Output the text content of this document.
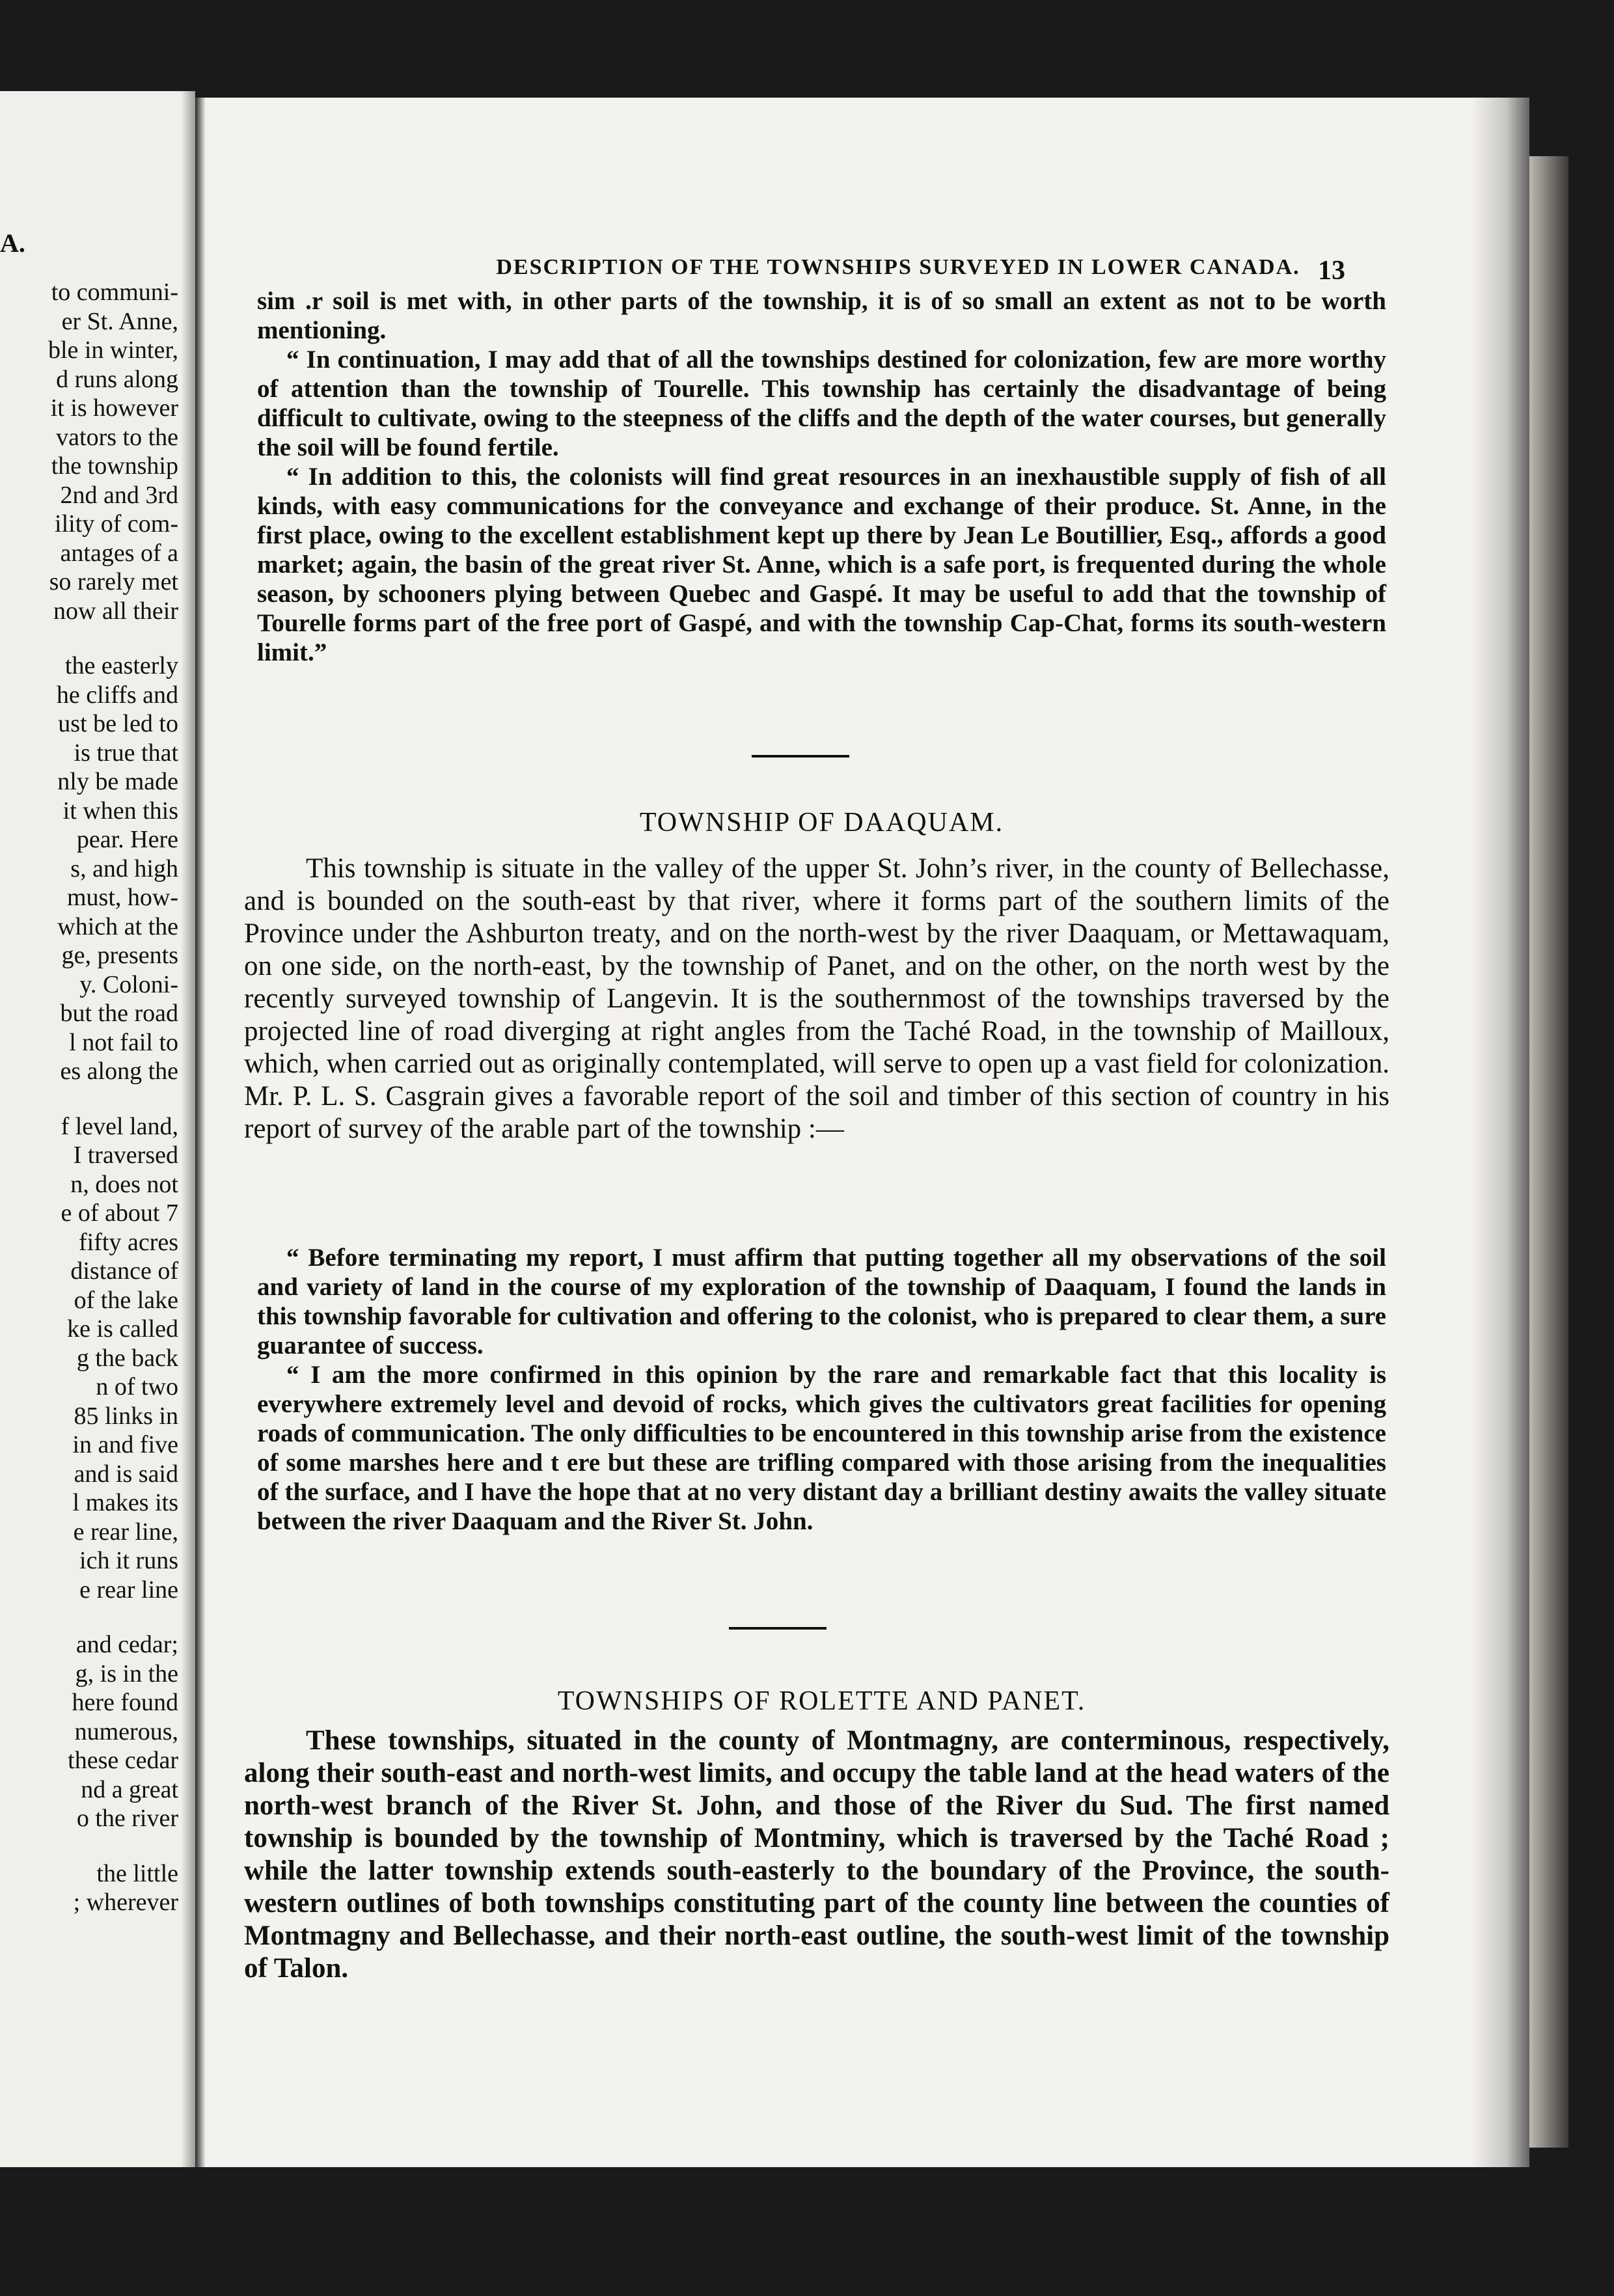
A.
to communi-
er St. Anne,
ble in winter,
d runs along
it is however
vators to the
the township
2nd and 3rd
ility of com-
antages of a
so rarely met
now all their
the easterly
he cliffs and
ust be led to
is true that
nly be made
it when this
pear. Here
s, and high
must, how-
which at the
ge, presents
y. Coloni-
but the road
l not fail to
es along the
f level land,
I traversed
n, does not
e of about 7
fifty acres
distance of
of the lake
ke is called
g the back
n of two
85 links in
in and five
and is said
l makes its
e rear line,
ich it runs
e rear line
and cedar;
g, is in the
here found
numerous,
these cedar
nd a great
o the river
the little
; wherever
DESCRIPTION OF THE TOWNSHIPS SURVEYED IN LOWER CANADA. 13

sim .r soil is met with, in other parts of the township, it is of so small an extent as not to be worth mentioning.

“ In continuation, I may add that of all the townships destined for colonization, few are more worthy of attention than the township of Tourelle. This township has certainly the disadvantage of being difficult to cultivate, owing to the steepness of the cliffs and the depth of the water courses, but generally the soil will be found fertile.

“ In addition to this, the colonists will find great resources in an inexhaustible supply of fish of all kinds, with easy communications for the conveyance and exchange of their produce. St. Anne, in the first place, owing to the excellent establishment kept up there by Jean Le Boutillier, Esq., affords a good market; again, the basin of the great river St. Anne, which is a safe port, is frequented during the whole season, by schooners plying between Quebec and Gaspé. It may be useful to add that the township of Tourelle forms part of the free port of Gaspé, and with the township Cap-Chat, forms its south-western limit.”

TOWNSHIP OF DAAQUAM.

This township is situate in the valley of the upper St. John’s river, in the county of Bellechasse, and is bounded on the south-east by that river, where it forms part of the southern limits of the Province under the Ashburton treaty, and on the north-west by the river Daaquam, or Mettawaquam, on one side, on the north-east, by the township of Panet, and on the other, on the north west by the recently surveyed township of Langevin. It is the southernmost of the townships traversed by the projected line of road diverging at right angles from the Taché Road, in the township of Mailloux, which, when carried out as originally contemplated, will serve to open up a vast field for colonization. Mr. P. L. S. Casgrain gives a favorable report of the soil and timber of this section of country in his report of survey of the arable part of the township :—

“ Before terminating my report, I must affirm that putting together all my observations of the soil and variety of land in the course of my exploration of the township of Daaquam, I found the lands in this township favorable for cultivation and offering to the colonist, who is prepared to clear them, a sure guarantee of success.

“ I am the more confirmed in this opinion by the rare and remarkable fact that this locality is everywhere extremely level and devoid of rocks, which gives the cultivators great facilities for opening roads of communication. The only difficulties to be encountered in this township arise from the existence of some marshes here and t ere but these are trifling compared with those arising from the inequalities of the surface, and I have the hope that at no very distant day a brilliant destiny awaits the valley situate between the river Daaquam and the River St. John.

TOWNSHIPS OF ROLETTE AND PANET.

These townships, situated in the county of Montmagny, are conterminous, respectively, along their south-east and north-west limits, and occupy the table land at the head waters of the north-west branch of the River St. John, and those of the River du Sud. The first named township is bounded by the township of Montminy, which is traversed by the Taché Road ; while the latter township extends south-easterly to the boundary of the Province, the south-western outlines of both townships constituting part of the county line between the counties of Montmagny and Bellechasse, and their north-east outline, the south-west limit of the township of Talon.
